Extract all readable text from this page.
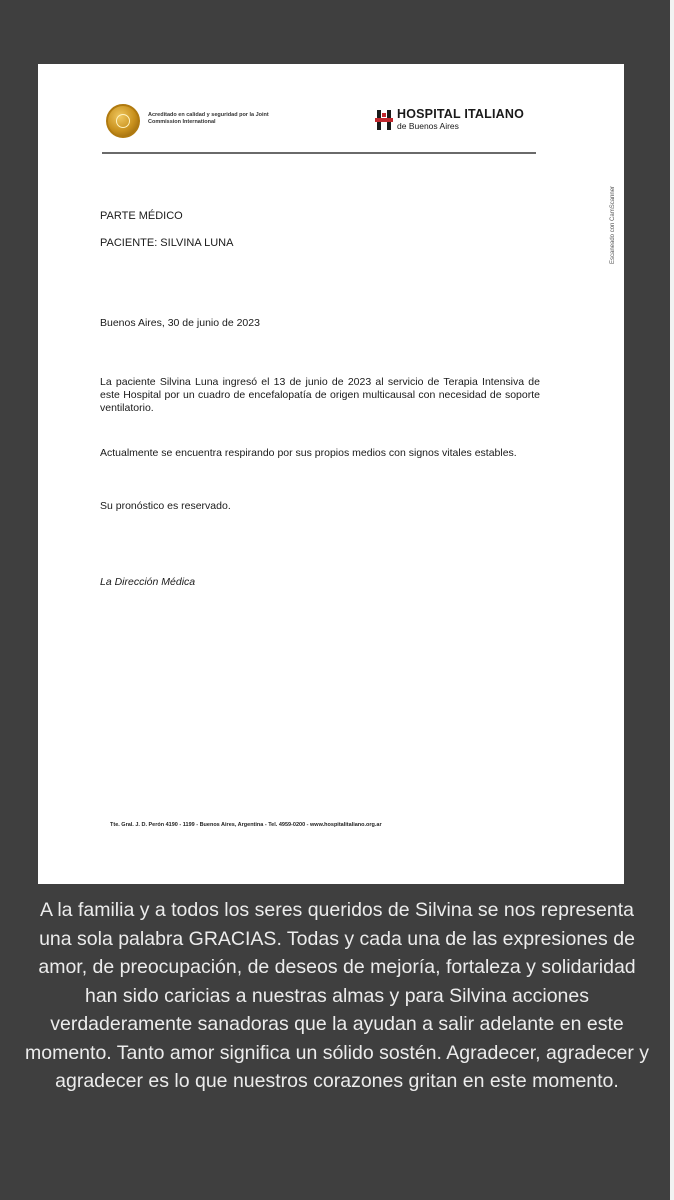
Acreditado en calidad y seguridad por la Joint Commission International
HOSPITAL ITALIANO
de Buenos Aires
Escaneado con CamScanner
PARTE MÉDICO
PACIENTE: SILVINA LUNA
Buenos Aires, 30 de junio de 2023
La paciente Silvina Luna ingresó el 13 de junio de 2023 al servicio de Terapia Intensiva de este Hospital por un cuadro de encefalopatía de origen multicausal con necesidad de soporte ventilatorio.
Actualmente se encuentra respirando por sus propios medios con signos vitales estables.
Su pronóstico es reservado.
La Dirección Médica
Tte. Gral. J. D. Perón 4190 - 1199 - Buenos Aires, Argentina - Tel. 4959-0200 - www.hospitalitaliano.org.ar
A la familia y a todos los seres queridos de Silvina se nos representa una sola palabra GRACIAS. Todas y cada una de las expresiones de amor, de preocupación, de deseos de mejoría, fortaleza y solidaridad han sido caricias a nuestras almas y para Silvina acciones verdaderamente sanadoras que la ayudan a salir adelante en este momento. Tanto amor significa un sólido sostén. Agradecer, agradecer y agradecer es lo que nuestros corazones gritan en este momento.
